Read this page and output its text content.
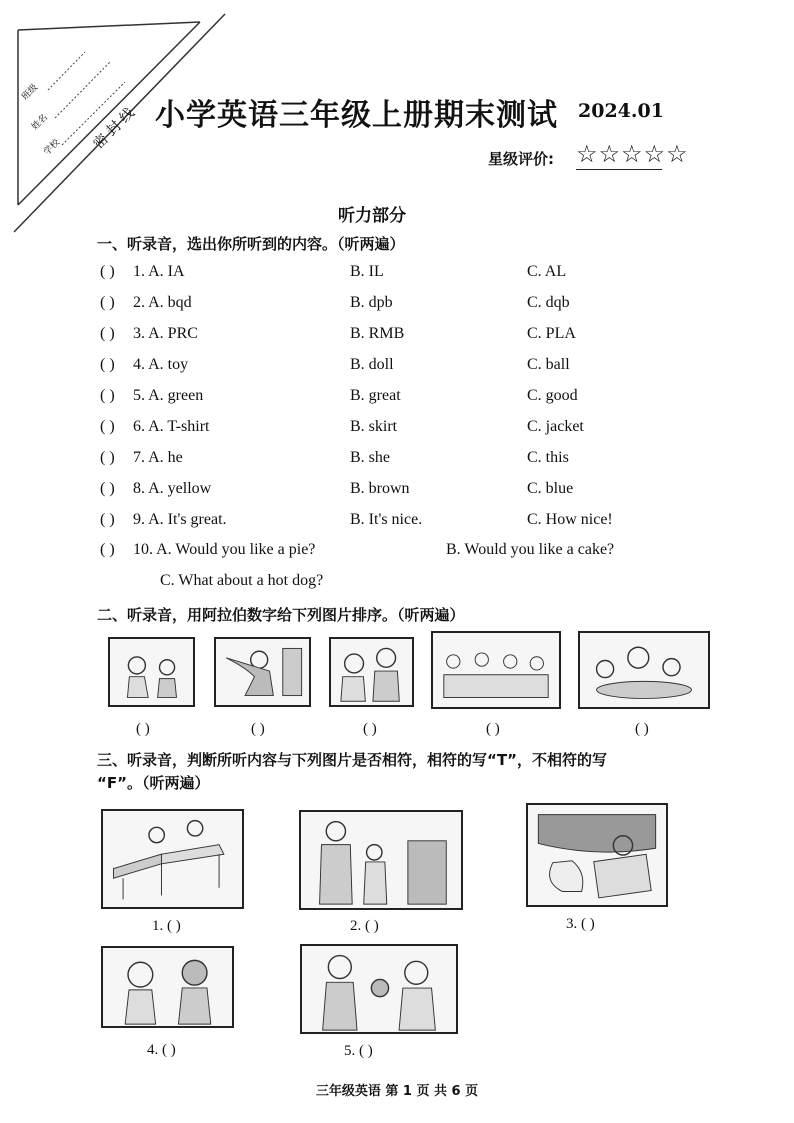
班级
姓名
学校 密 封 线 小学英语三年级上册期末测试 2024.01
星级评价: ☆☆☆☆☆
听力部分
一、听录音，选出你所听到的内容。（听两遍）
( ) 1. A. IA	B. IL	C. AL
( ) 2. A. bqd	B. dpb	C. dqb
( ) 3. A. PRC	B. RMB	C. PLA
( ) 4. A. toy	B. doll	C. ball
( ) 5. A. green	B. great	C. good
( ) 6. A. T-shirt	B. skirt	C. jacket
( ) 7. A. he	B. she	C. this
( ) 8. A. yellow	B. brown	C. blue
( ) 9. A. It's great.	B. It's nice.	C. How nice!
( ) 10. A. Would you like a pie?	B. Would you like a cake?
C. What about a hot dog?
二、听录音，用阿拉伯数字给下列图片排序。（听两遍）
( )	( )	( )	( )	( )
三、听录音，判断所听内容与下列图片是否相符，相符的写“T”，不相符的写
“F”。（听两遍）
1. ( )	2. ( )	3. ( )
4. ( )	5. ( )
三年级英语 第 1 页 共 6 页
